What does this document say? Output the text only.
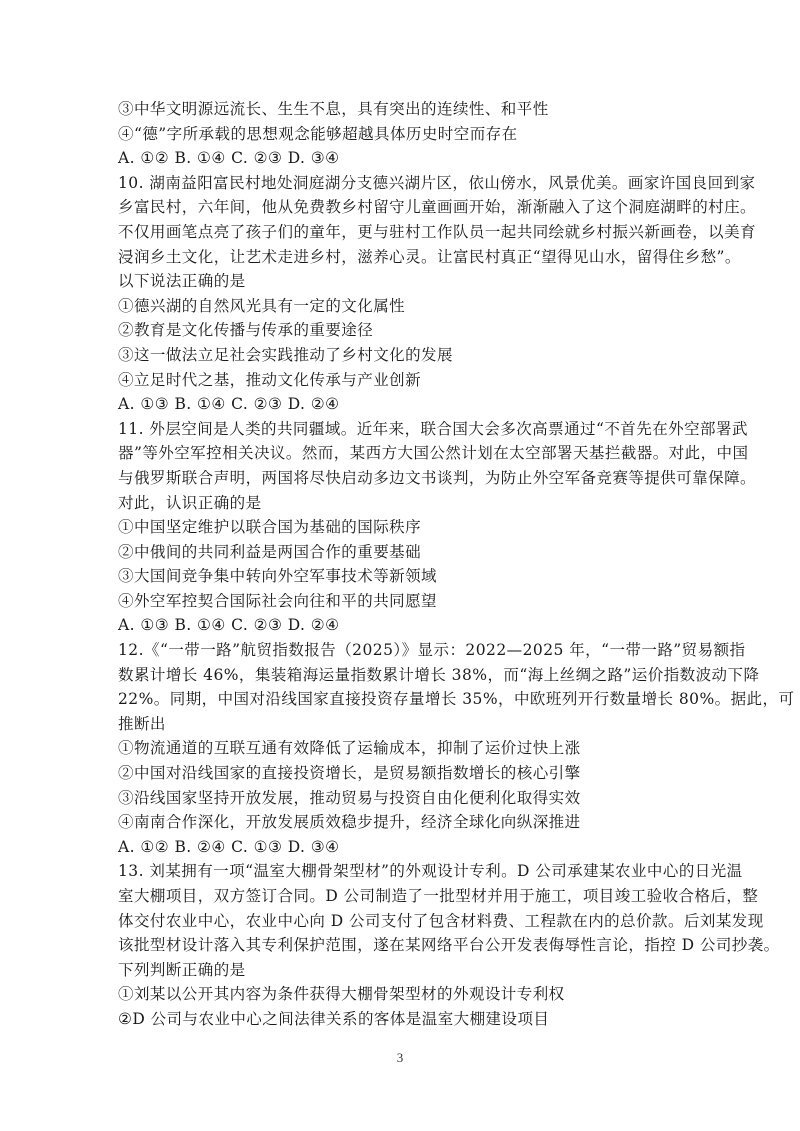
③中华文明源远流长、生生不息，具有突出的连续性、和平性
④“德”字所承载的思想观念能够超越具体历史时空而存在
A. ①② B. ①④ C. ②③ D. ③④
10. 湖南益阳富民村地处洞庭湖分支德兴湖片区，依山傍水，风景优美。画家许国良回到家
乡富民村，六年间，他从免费教乡村留守儿童画画开始，渐渐融入了这个洞庭湖畔的村庄。
不仅用画笔点亮了孩子们的童年，更与驻村工作队员一起共同绘就乡村振兴新画卷，以美育
浸润乡土文化，让艺术走进乡村，滋养心灵。让富民村真正“望得见山水，留得住乡愁”。
以下说法正确的是
①德兴湖的自然风光具有一定的文化属性
②教育是文化传播与传承的重要途径
③这一做法立足社会实践推动了乡村文化的发展
④立足时代之基，推动文化传承与产业创新
A. ①③ B. ①④ C. ②③ D. ②④
11. 外层空间是人类的共同疆域。近年来，联合国大会多次高票通过“不首先在外空部署武
器”等外空军控相关决议。然而，某西方大国公然计划在太空部署天基拦截器。对此，中国
与俄罗斯联合声明，两国将尽快启动多边文书谈判，为防止外空军备竞赛等提供可靠保障。
对此，认识正确的是
①中国坚定维护以联合国为基础的国际秩序
②中俄间的共同利益是两国合作的重要基础
③大国间竞争集中转向外空军事技术等新领域
④外空军控契合国际社会向往和平的共同愿望
A. ①③ B. ①④ C. ②③ D. ②④
12.《“一带一路”航贸指数报告（2025）》显示：2022—2025 年，“一带一路”贸易额指
数累计增长 46%，集装箱海运量指数累计增长 38%，而“海上丝绸之路”运价指数波动下降
22%。同期，中国对沿线国家直接投资存量增长 35%，中欧班列开行数量增长 80%。据此，可
推断出
①物流通道的互联互通有效降低了运输成本，抑制了运价过快上涨
②中国对沿线国家的直接投资增长，是贸易额指数增长的核心引擎
③沿线国家坚持开放发展，推动贸易与投资自由化便利化取得实效
④南南合作深化，开放发展质效稳步提升，经济全球化向纵深推进
A. ①② B. ②④ C. ①③ D. ③④
13. 刘某拥有一项“温室大棚骨架型材”的外观设计专利。D 公司承建某农业中心的日光温
室大棚项目，双方签订合同。D 公司制造了一批型材并用于施工，项目竣工验收合格后，整
体交付农业中心，农业中心向 D 公司支付了包含材料费、工程款在内的总价款。后刘某发现
该批型材设计落入其专利保护范围，遂在某网络平台公开发表侮辱性言论，指控 D 公司抄袭。
下列判断正确的是
①刘某以公开其内容为条件获得大棚骨架型材的外观设计专利权
②D 公司与农业中心之间法律关系的客体是温室大棚建设项目
3
